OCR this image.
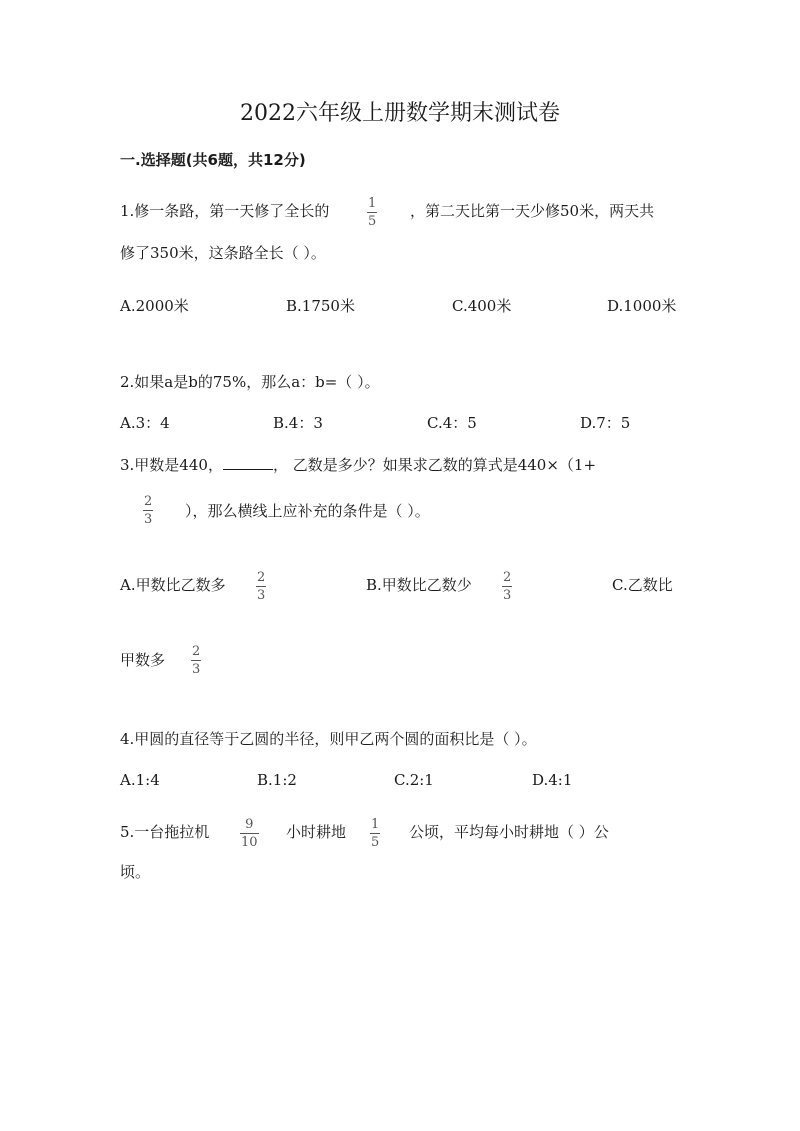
2022六年级上册数学期末测试卷
一.选择题(共6题，共12分)
1.修一条路，第一天修了全长的	1
5
，第二天比第一天少修50米，两天共
修了350米，这条路全长（ ）。
A.2000米	B.1750米	C.400米	D.1000米
2.如果a是b的75%，那么a：b=（ ）。
A.3：4	B.4：3	C.4：5	D.7：5
3.甲数是440，	， 乙数是多少？如果求乙数的算式是440×（1+
2
3 ），那么横线上应补充的条件是（ ）。
A.甲数比乙数多 2
3
B.甲数比乙数少 2
3
C.乙数比
甲数多 2
3
4.甲圆的直径等于乙圆的半径，则甲乙两个圆的面积比是（ ）。
A.1:4	B.1:2	C.2:1	D.4:1
5.一台拖拉机	9
10
小时耕地 1
5
公顷，平均每小时耕地（ ）公
顷。
